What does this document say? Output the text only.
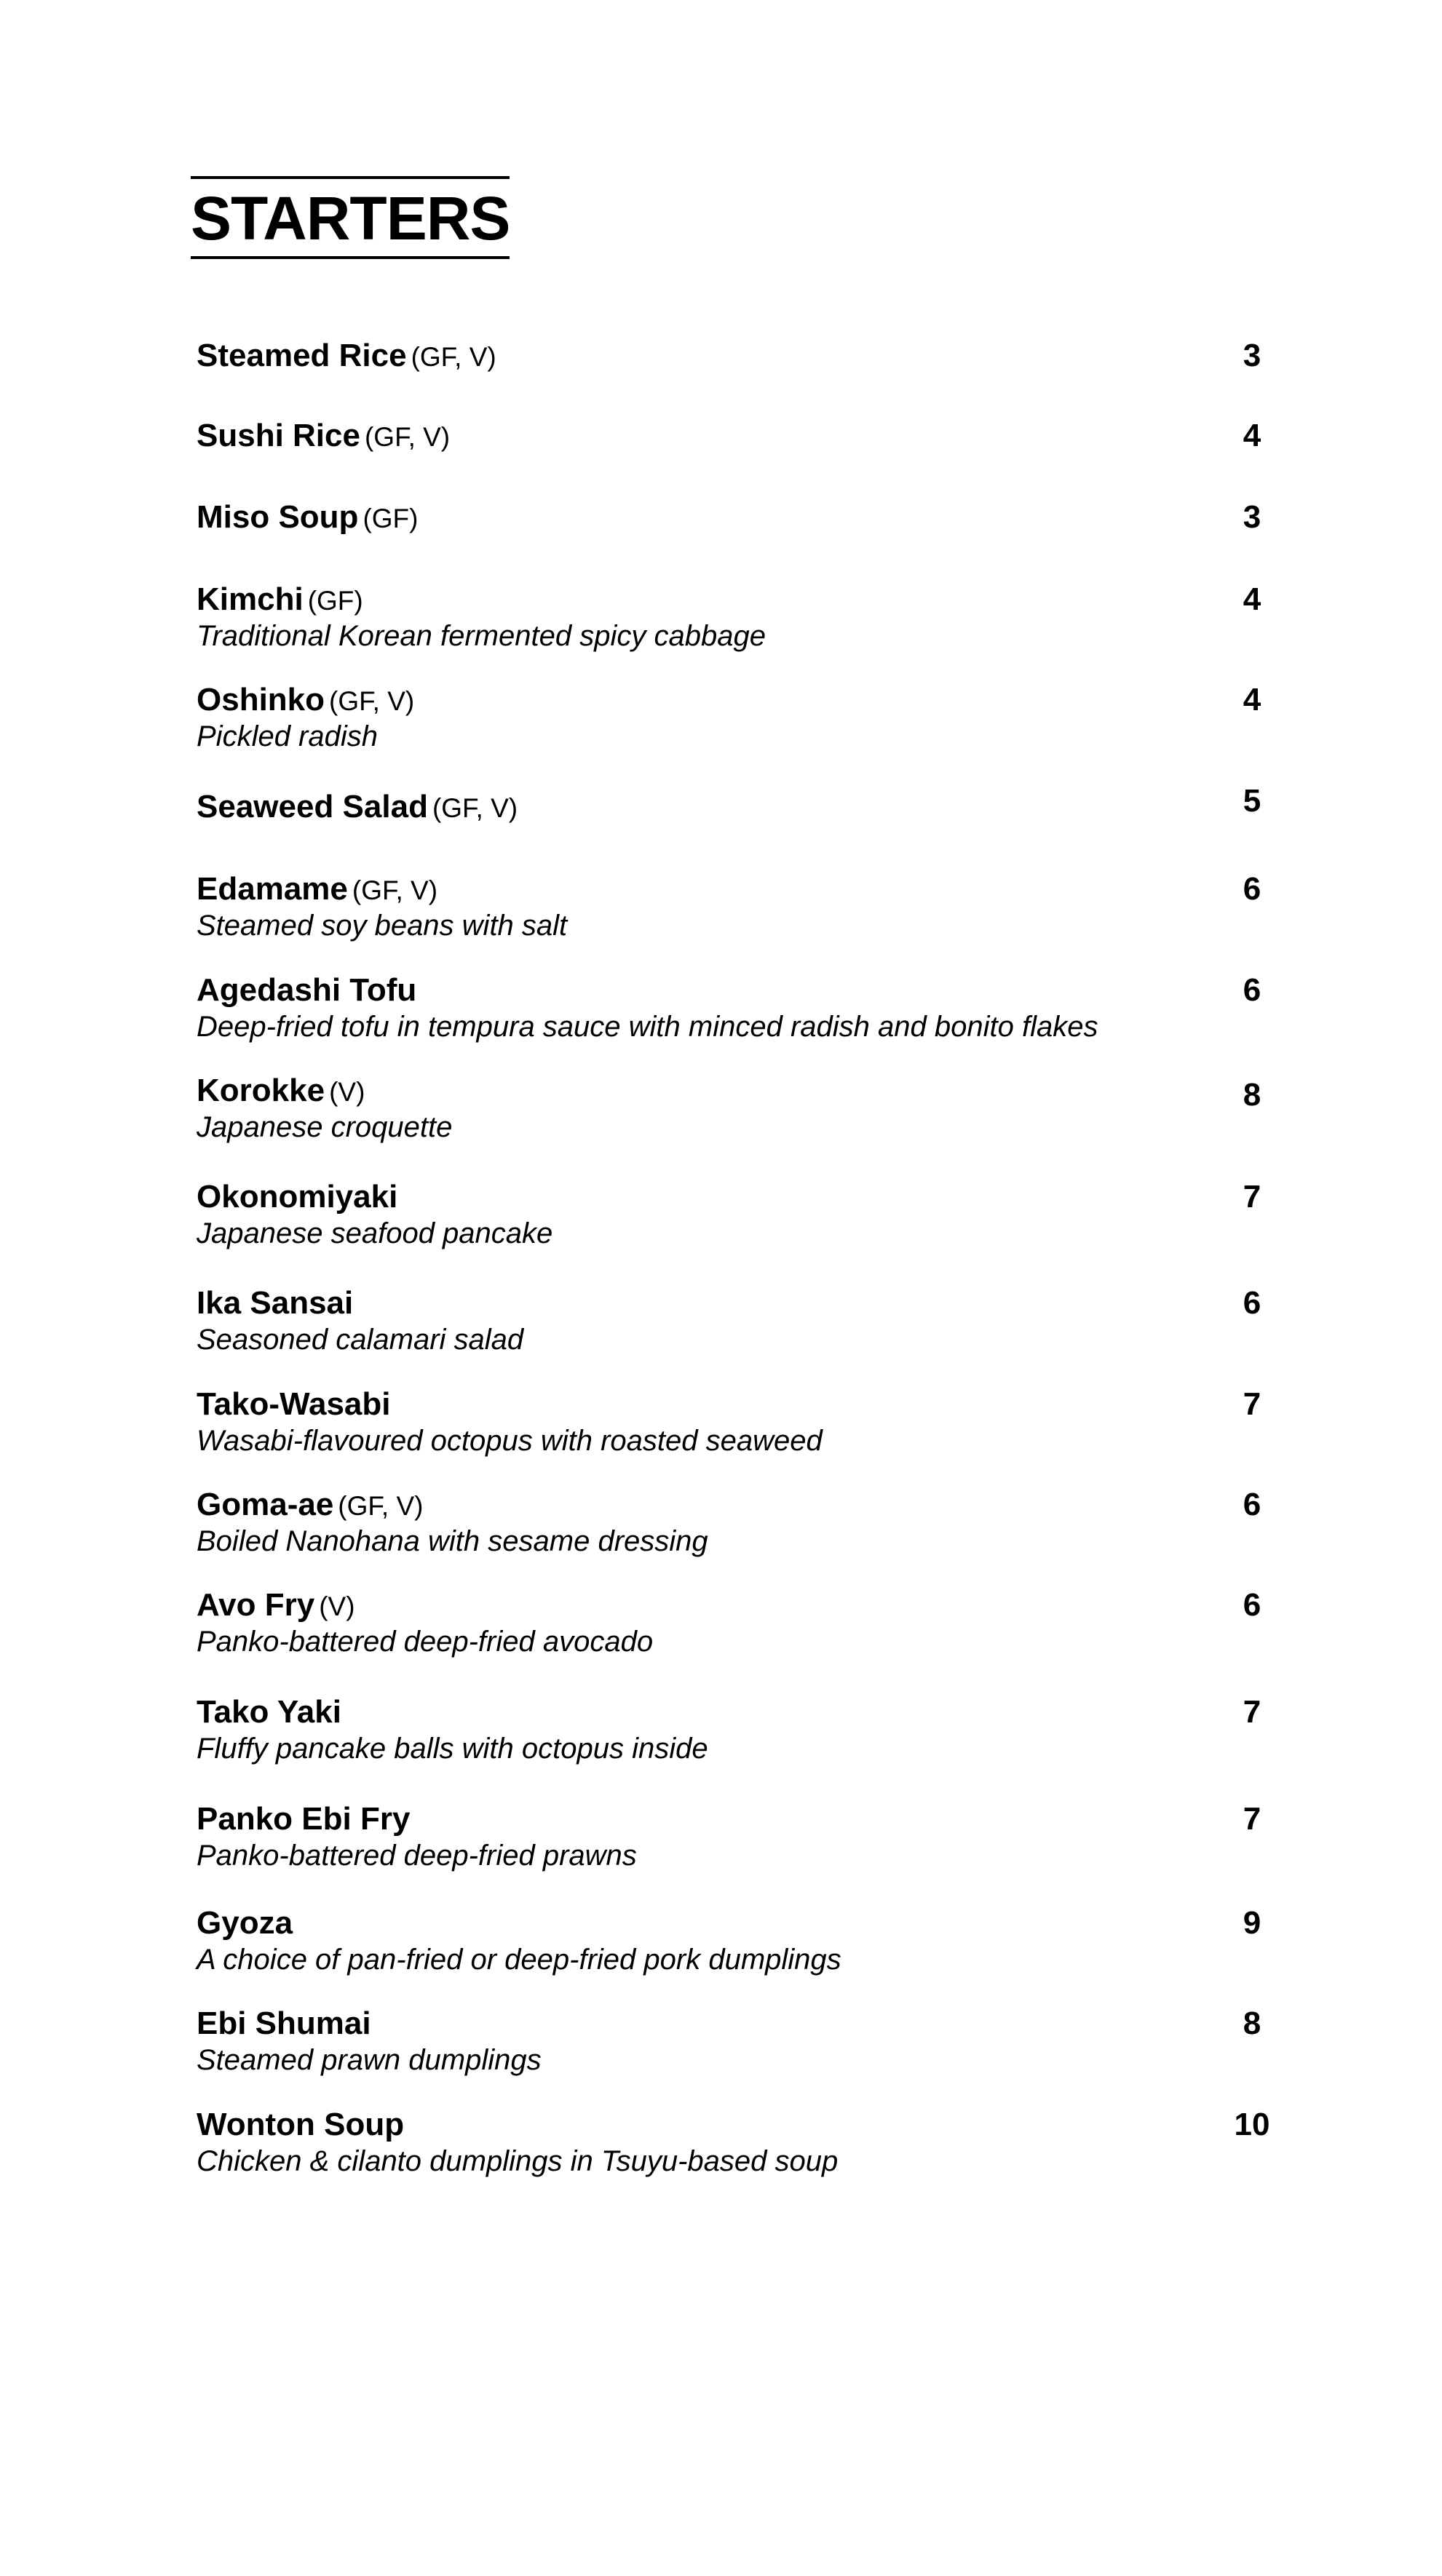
STARTERS
Steamed Rice (GF, V)	3
Sushi Rice (GF, V)	4
Miso Soup (GF)	3
Kimchi (GF)	4
Traditional Korean fermented spicy cabbage
Oshinko (GF, V)	4
Pickled radish
Seaweed Salad (GF, V)	5
Edamame (GF, V)	6
Steamed soy beans with salt
Agedashi Tofu	6
Deep-fried tofu in tempura sauce with minced radish and bonito flakes
Korokke (V)	8
Japanese croquette
Okonomiyaki	7
Japanese seafood pancake
Ika Sansai	6
Seasoned calamari salad
Tako-Wasabi	7
Wasabi-flavoured octopus with roasted seaweed
Goma-ae (GF, V)	6
Boiled Nanohana with sesame dressing
Avo Fry (V)	6
Panko-battered deep-fried avocado
Tako Yaki	7
Fluffy pancake balls with octopus inside
Panko Ebi Fry	7
Panko-battered deep-fried prawns
Gyoza	9
A choice of pan-fried or deep-fried pork dumplings
Ebi Shumai	8
Steamed prawn dumplings
Wonton Soup	10
Chicken & cilanto dumplings in Tsuyu-based soup
